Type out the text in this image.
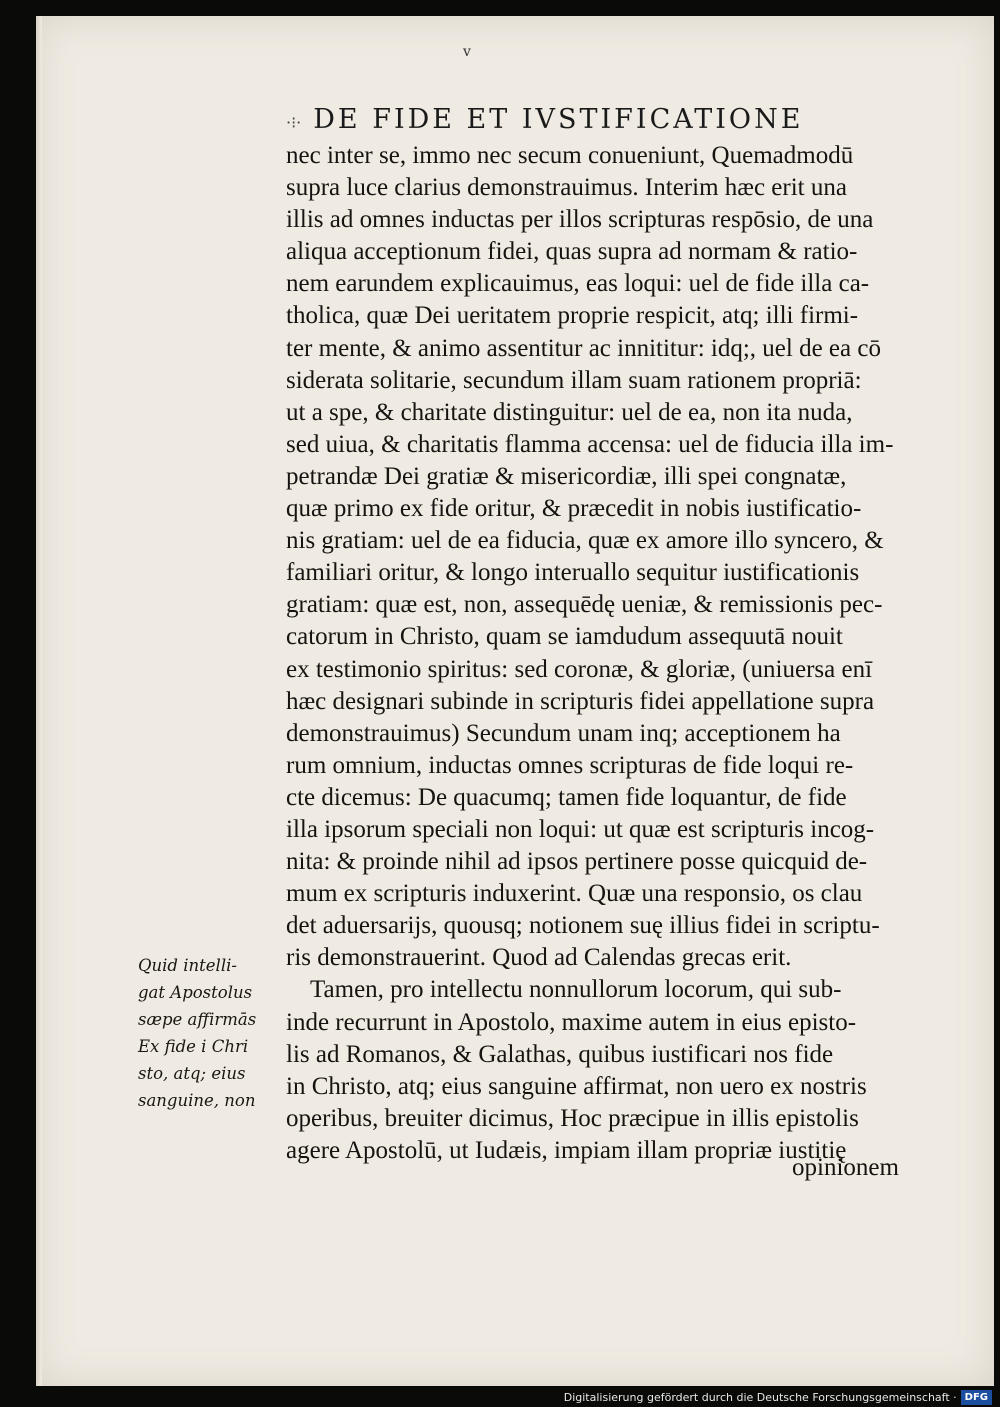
v
·⁝· DE FIDE ET IVSTIFICATIONE
nec inter se, immo nec secum conueniunt, Quemadmodū
supra luce clarius demonstrauimus. Interim hæc erit una
illis ad omnes inductas per illos scripturas respōsio, de una
aliqua acceptionum fidei, quas supra ad normam & ratio-
nem earundem explicauimus, eas loqui: uel de fide illa ca-
tholica, quæ Dei ueritatem proprie respicit, atq; illi firmi-
ter mente, & animo assentitur ac innititur: idq;, uel de ea cō
siderata solitarie, secundum illam suam rationem propriā:
ut a spe, & charitate distinguitur: uel de ea, non ita nuda,
sed uiua, & charitatis flamma accensa: uel de fiducia illa im-
petrandæ Dei gratiæ & misericordiæ, illi spei congnatæ,
quæ primo ex fide oritur, & præcedit in nobis iustificatio-
nis gratiam: uel de ea fiducia, quæ ex amore illo syncero, &
familiari oritur, & longo interuallo sequitur iustificationis
gratiam: quæ est, non, assequēdę ueniæ, & remissionis pec-
catorum in Christo, quam se iamdudum assequutā nouit
ex testimonio spiritus: sed coronæ, & gloriæ, (uniuersa enī
hæc designari subinde in scripturis fidei appellatione supra
demonstrauimus) Secundum unam inq; acceptionem ha
rum omnium, inductas omnes scripturas de fide loqui re-
cte dicemus: De quacumq; tamen fide loquantur, de fide
illa ipsorum speciali non loqui: ut quæ est scripturis incog-
nita: & proinde nihil ad ipsos pertinere posse quicquid de-
mum ex scripturis induxerint. Quæ una responsio, os clau
det aduersarijs, quousq; notionem suę illius fidei in scriptu-
ris demonstrauerint. Quod ad Calendas grecas erit.
Tamen, pro intellectu nonnullorum locorum, qui sub-
inde recurrunt in Apostolo, maxime autem in eius episto-
lis ad Romanos, & Galathas, quibus iustificari nos fide
in Christo, atq; eius sanguine affirmat, non uero ex nostris
operibus, breuiter dicimus, Hoc præcipue in illis epistolis
agere Apostolū, ut Iudæis, impiam illam propriæ iustitię
opinionem
Quid intelli-
gat Apostolus
sæpe affirmās
Ex fide i Chri
sto, atq; eius
sanguine, non
Digitalisierung gefördert durch die Deutsche Forschungsgemeinschaft · DFG
